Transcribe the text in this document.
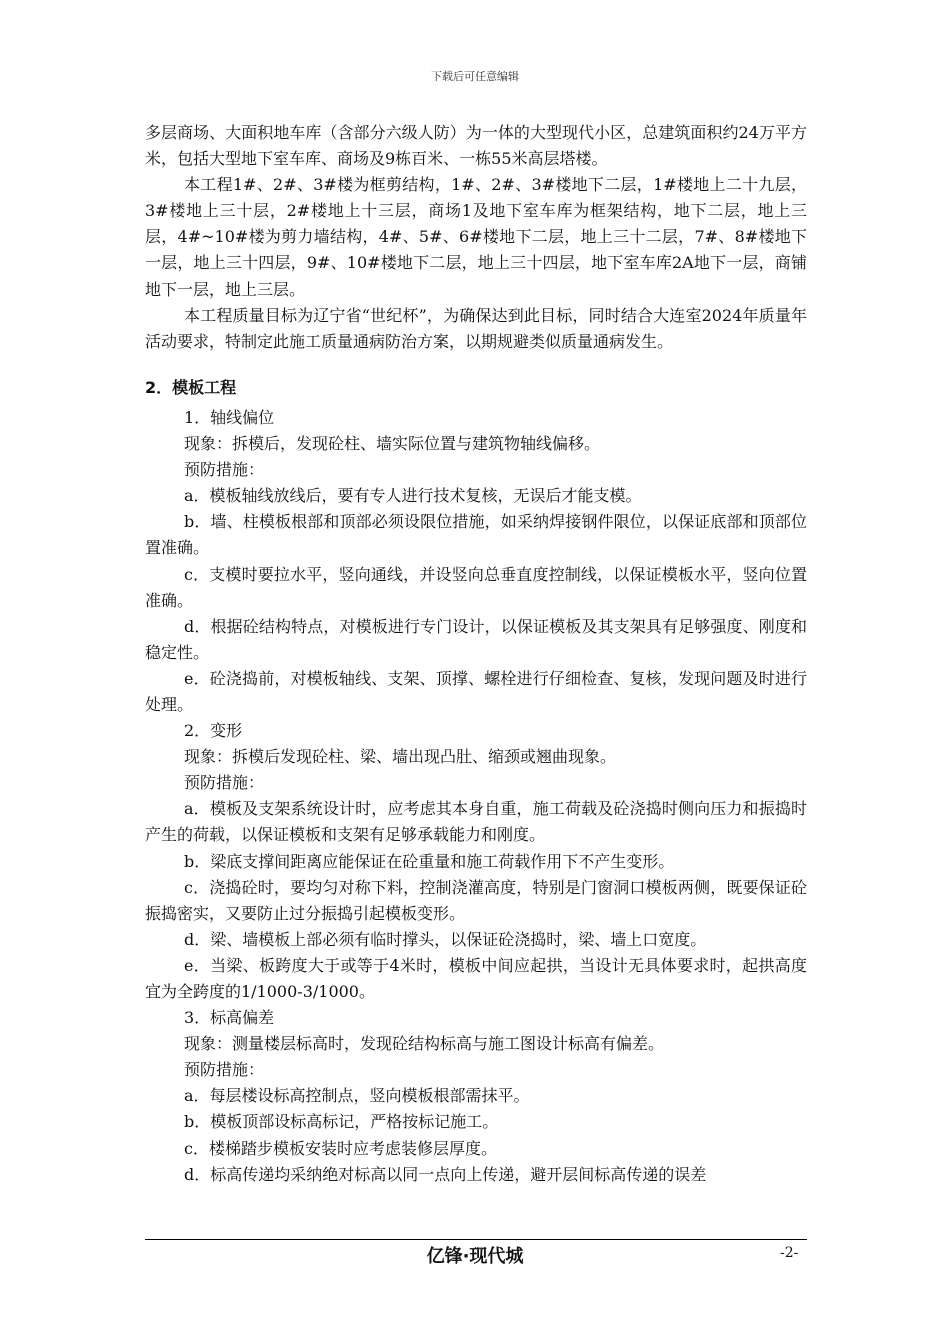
下载后可任意编辑

多层商场、大面积地车库（含部分六级人防）为一体的大型现代小区，总建筑面积约24万平方米，包括大型地下室车库、商场及9栋百米、一栋55米高层塔楼。

本工程1#、2#、3#楼为框剪结构，1#、2#、3#楼地下二层，1#楼地上二十九层，3#楼地上三十层，2#楼地上十三层，商场1及地下室车库为框架结构，地下二层，地上三层，4#~10#楼为剪力墙结构，4#、5#、6#楼地下二层，地上三十二层，7#、8#楼地下一层，地上三十四层，9#、10#楼地下二层，地上三十四层，地下室车库2A地下一层，商铺地下一层，地上三层。

本工程质量目标为辽宁省“世纪杯”，为确保达到此目标，同时结合大连室2024年质量年活动要求，特制定此施工质量通病防治方案，以期规避类似质量通病发生。

2．模板工程

1．轴线偏位

现象：拆模后，发现砼柱、墙实际位置与建筑物轴线偏移。

预防措施：

a．模板轴线放线后，要有专人进行技术复核，无误后才能支模。

b．墙、柱模板根部和顶部必须设限位措施，如采纳焊接钢件限位，以保证底部和顶部位置准确。

c．支模时要拉水平，竖向通线，并设竖向总垂直度控制线，以保证模板水平，竖向位置准确。

d．根据砼结构特点，对模板进行专门设计，以保证模板及其支架具有足够强度、刚度和稳定性。

e．砼浇捣前，对模板轴线、支架、顶撑、螺栓进行仔细检查、复核，发现问题及时进行处理。

2．变形

现象：拆模后发现砼柱、梁、墙出现凸肚、缩颈或翘曲现象。

预防措施：

a．模板及支架系统设计时，应考虑其本身自重，施工荷载及砼浇捣时侧向压力和振捣时产生的荷载，以保证模板和支架有足够承载能力和刚度。

b．梁底支撑间距离应能保证在砼重量和施工荷载作用下不产生变形。

c．浇捣砼时，要均匀对称下料，控制浇灌高度，特别是门窗洞口模板两侧，既要保证砼振捣密实，又要防止过分振捣引起模板变形。

d．梁、墙模板上部必须有临时撑头，以保证砼浇捣时，梁、墙上口宽度。

e．当梁、板跨度大于或等于4米时，模板中间应起拱，当设计无具体要求时，起拱高度宜为全跨度的1/1000-3/1000。

3．标高偏差

现象：测量楼层标高时，发现砼结构标高与施工图设计标高有偏差。

预防措施：

a．每层楼设标高控制点，竖向模板根部需抹平。

b．模板顶部设标高标记，严格按标记施工。

c．楼梯踏步模板安装时应考虑装修层厚度。

d．标高传递均采纳绝对标高以同一点向上传递，避开层间标高传递的误差

亿锋·现代城	-2-
